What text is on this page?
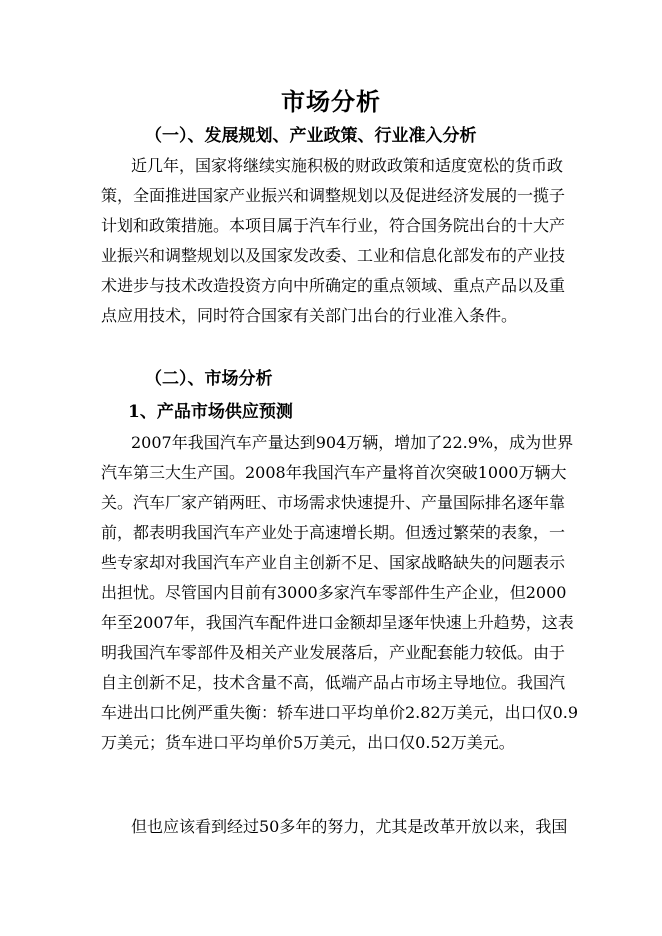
市场分析
（一）、发展规划、产业政策、行业准入分析
近几年，国家将继续实施积极的财政政策和适度宽松的货币政
策，全面推进国家产业振兴和调整规划以及促进经济发展的一揽子
计划和政策措施。本项目属于汽车行业，符合国务院出台的十大产
业振兴和调整规划以及国家发改委、工业和信息化部发布的产业技
术进步与技术改造投资方向中所确定的重点领域、重点产品以及重
点应用技术，同时符合国家有关部门出台的行业准入条件。
（二）、市场分析
1、产品市场供应预测
2007年我国汽车产量达到904万辆，增加了22.9%，成为世界
汽车第三大生产国。2008年我国汽车产量将首次突破1000万辆大
关。汽车厂家产销两旺、市场需求快速提升、产量国际排名逐年靠
前，都表明我国汽车产业处于高速增长期。但透过繁荣的表象，一
些专家却对我国汽车产业自主创新不足、国家战略缺失的问题表示
出担忧。尽管国内目前有3000多家汽车零部件生产企业，但2000
年至2007年，我国汽车配件进口金额却呈逐年快速上升趋势，这表
明我国汽车零部件及相关产业发展落后，产业配套能力较低。由于
自主创新不足，技术含量不高，低端产品占市场主导地位。我国汽
车进出口比例严重失衡：轿车进口平均单价2.82万美元，出口仅0.9
万美元；货车进口平均单价5万美元，出口仅0.52万美元。
但也应该看到经过50多年的努力，尤其是改革开放以来，我国
